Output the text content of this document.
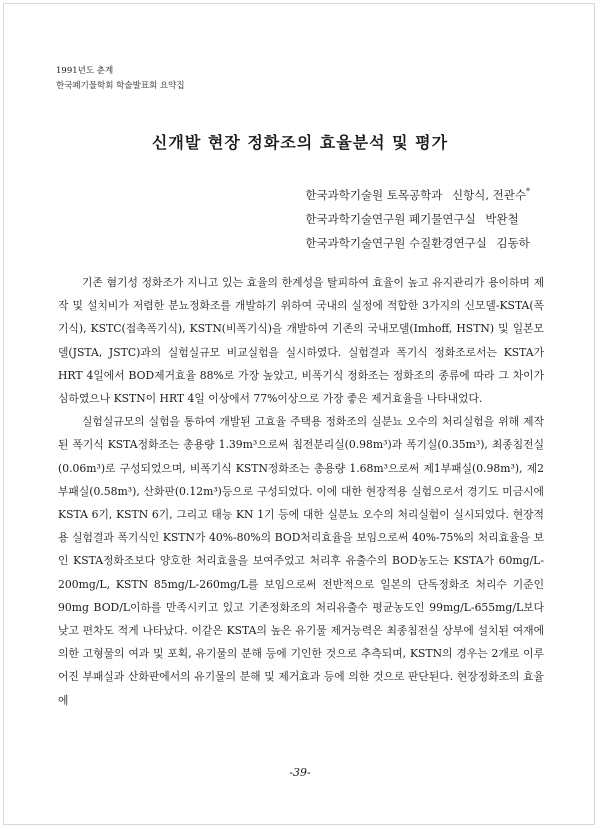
1991년도 춘계
한국폐기물학회 학술발표회 요약집
신개발 현장 정화조의 효율분석 및 평가
한국과학기술원 토목공학과 신항식, 전관수*
한국과학기술연구원 폐기물연구실 박완철
한국과학기술연구원 수질환경연구실 김동하

기존 혐기성 정화조가 지니고 있는 효율의 한계성을 탈피하여 효율이 높고 유지관리가 용이하며 제작 및 설치비가 저렴한 분뇨정화조를 개발하기 위하여 국내의 실정에 적합한 3가지의 신모델-KSTA(폭기식), KSTC(접촉폭기식), KSTN(비폭기식)을 개발하여 기존의 국내모델(Imhoff, HSTN) 및 일본모델(JSTA, JSTC)과의 실험실규모 비교실험을 실시하였다. 실험결과 폭기식 정화조로서는 KSTA가 HRT 4일에서 BOD제거효율 88%로 가장 높았고, 비폭기식 정화조는 정화조의 종류에 따라 그 차이가 심하였으나 KSTN이 HRT 4일 이상에서 77%이상으로 가장 좋은 제거효율을 나타내었다.

실험실규모의 실험을 통하여 개발된 고효율 주택용 정화조의 실분뇨 오수의 처리실험을 위해 제작된 폭기식 KSTA정화조는 총용량 1.39m³으로써 침전분리실(0.98m³)과 폭기실(0.35m³), 최종침전실(0.06m³)로 구성되었으며, 비폭기식 KSTN정화조는 총용량 1.68m³으로써 제1부패실(0.98m³), 제2부패실(0.58m³), 산화판(0.12m³)등으로 구성되었다. 이에 대한 현장적용 실험으로서 경기도 미금시에 KSTA 6기, KSTN 6기, 그리고 태능 KN 1기 등에 대한 실분뇨 오수의 처리실험이 실시되었다. 현장적용 실험결과 폭기식인 KSTN가 40%-80%의 BOD처리효율을 보임으로써 40%-75%의 처리효율을 보인 KSTA정화조보다 양호한 처리효율을 보여주었고 처리후 유출수의 BOD농도는 KSTA가 60mg/L-200mg/L, KSTN 85mg/L-260mg/L를 보임으로써 전반적으로 일본의 단독정화조 처리수 기준인 90mg BOD/L이하를 만족시키고 있고 기존정화조의 처리유출수 평균농도인 99mg/L-655mg/L보다 낮고 편차도 적게 나타났다. 이같은 KSTA의 높은 유기물 제거능력은 최종침전실 상부에 설치된 여재에 의한 고형물의 여과 및 포획, 유기물의 분해 등에 기인한 것으로 추측되며, KSTN의 경우는 2개로 이루어진 부패실과 산화판에서의 유기물의 분해 및 제거효과 등에 의한 것으로 판단된다. 현장정화조의 효율에

-39-
